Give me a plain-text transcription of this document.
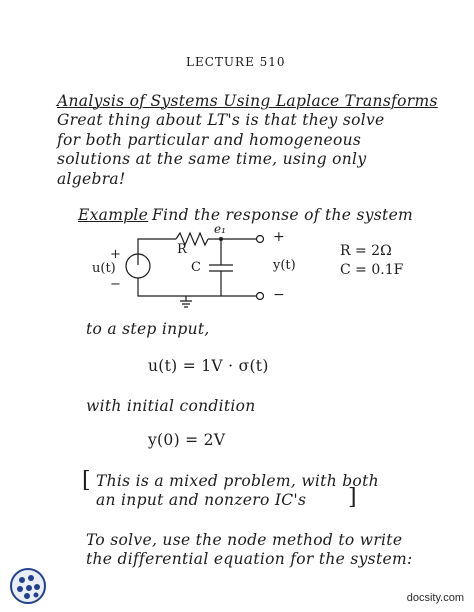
LECTURE 510
Analysis of Systems Using Laplace Transforms
Great thing about LT's is that they solve
for both particular and homogeneous
solutions at the same time, using only
algebra!
Example Find the response of the system
e₁
R
C
+
u(t)
−
+
y(t)
−
R = 2Ω
C = 0.1F
to a step input,
u(t) = 1V · σ(t)
with initial condition
y(0) = 2V
[ This is a mixed problem, with both
an input and nonzero IC's ]
To solve, use the node method to write
the differential equation for the system:
docsity.com
